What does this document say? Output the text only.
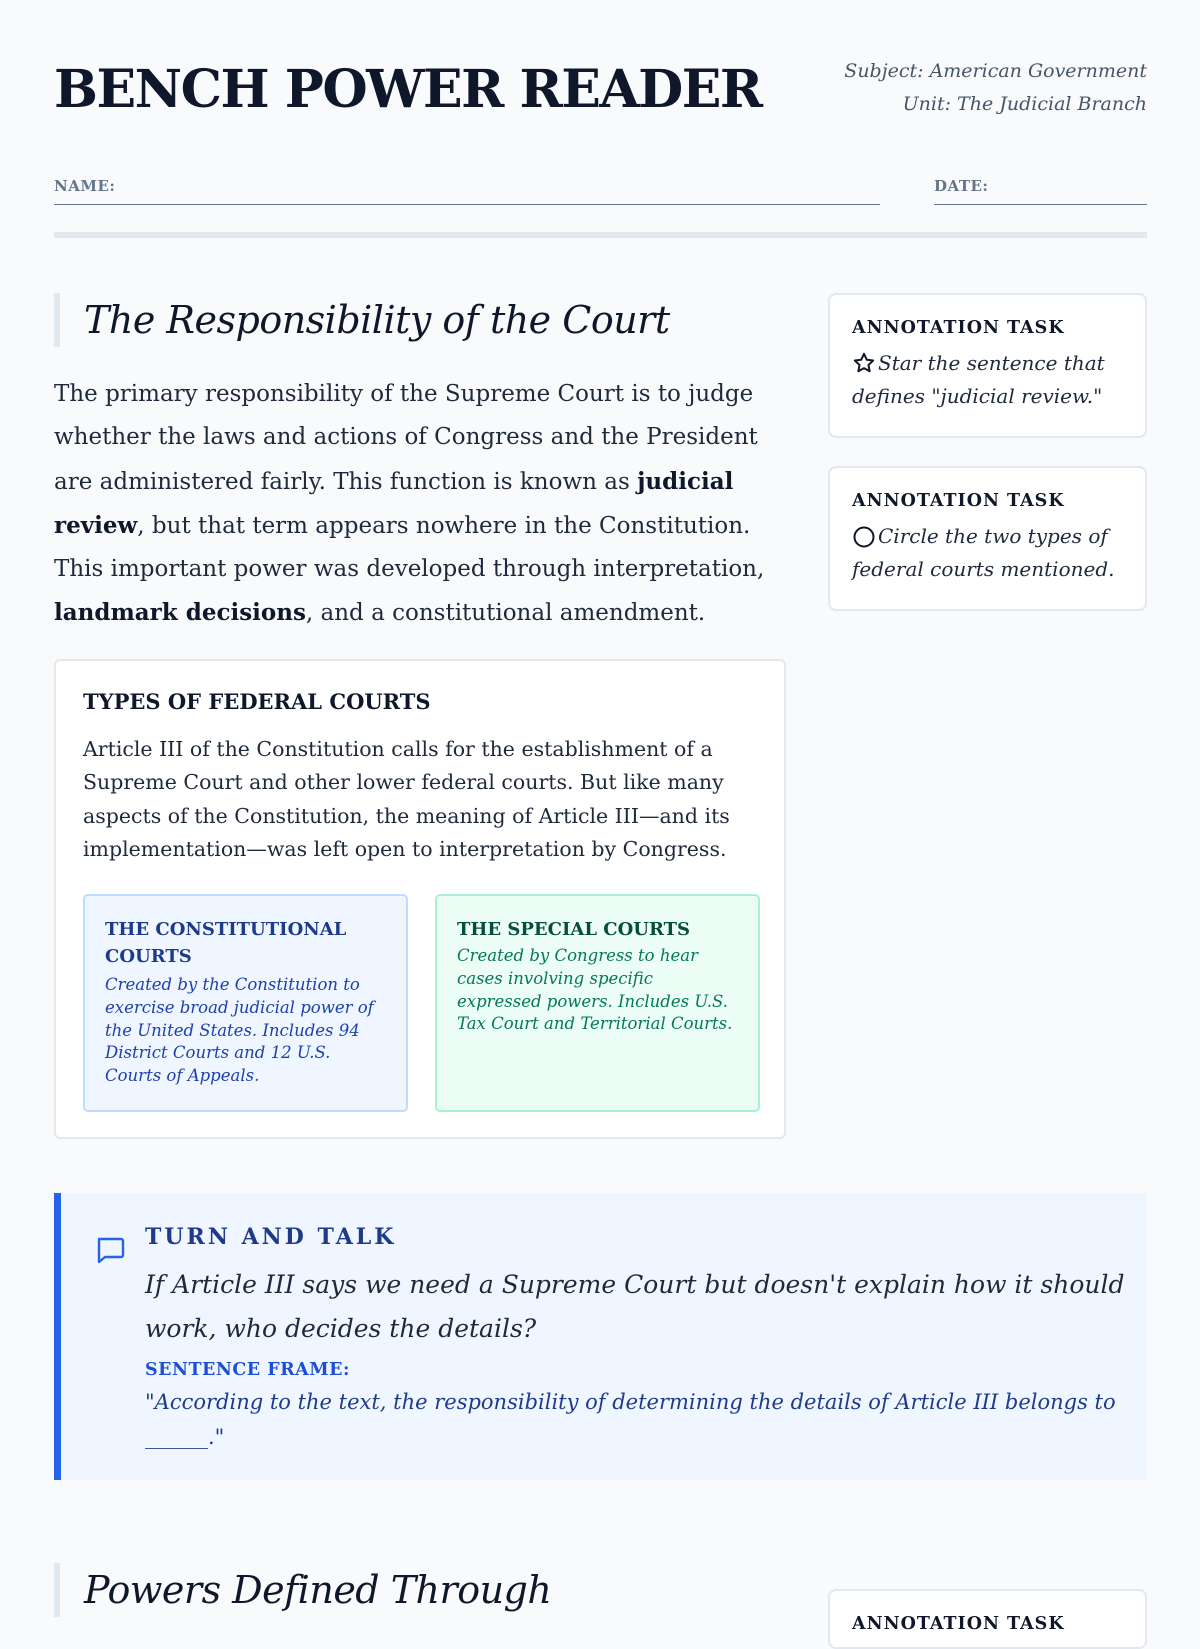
BENCH POWER READER	Subject: American Government
Unit: The Judicial Branch
NAME:	DATE:
The Responsibility of the Court

The primary responsibility of the Supreme Court is to judge whether the laws and actions of Congress and the President are administered fairly. This function is known as judicial review, but that term appears nowhere in the Constitution. This important power was developed through interpretation, landmark decisions, and a constitutional amendment.

TYPES OF FEDERAL COURTS

Article III of the Constitution calls for the establishment of a Supreme Court and other lower federal courts. But like many aspects of the Constitution, the meaning of Article III—and its implementation—was left open to interpretation by Congress.

THE CONSTITUTIONAL COURTS

Created by the Constitution to exercise broad judicial power of the United States. Includes 94 District Courts and 12 U.S. Courts of Appeals.

THE SPECIAL COURTS

Created by Congress to hear cases involving specific expressed powers. Includes U.S. Tax Court and Territorial Courts.

ANNOTATION TASK

Star the sentence that defines "judicial review."

ANNOTATION TASK

Circle the two types of federal courts mentioned.

TURN AND TALK

If Article III says we need a Supreme Court but doesn't explain how it should work, who decides the details?

SENTENCE FRAME:

"According to the text, the responsibility of determining the details of Article III belongs to ______."

Powers Defined Through

ANNOTATION TASK
